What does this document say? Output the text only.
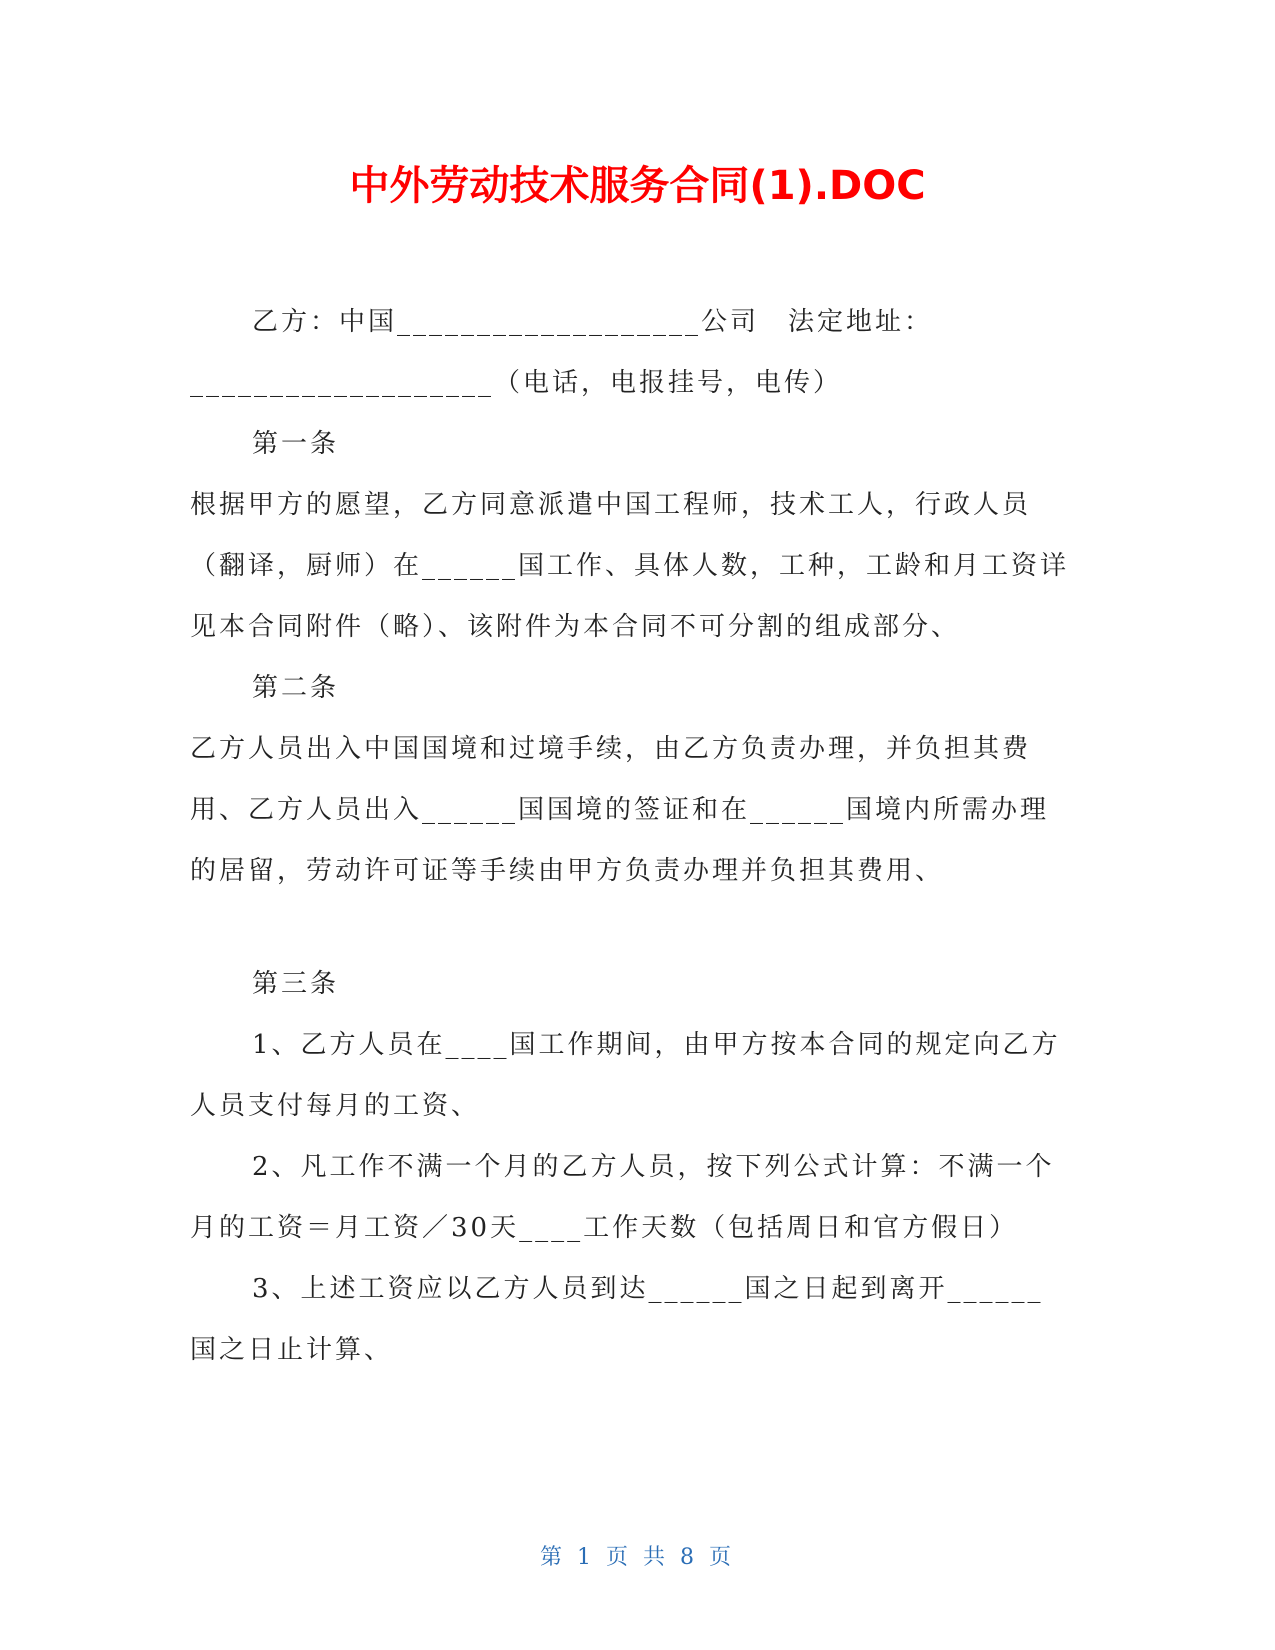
中外劳动技术服务合同(1).DOC

乙方：中国___________________公司　法定地址：___________________（电话，电报挂号，电传）

第一条

根据甲方的愿望，乙方同意派遣中国工程师，技术工人，行政人员（翻译，厨师）在______国工作、具体人数，工种，工龄和月工资详见本合同附件（略）、该附件为本合同不可分割的组成部分、

第二条

乙方人员出入中国国境和过境手续，由乙方负责办理，并负担其费用、乙方人员出入______国国境的签证和在______国境内所需办理的居留，劳动许可证等手续由甲方负责办理并负担其费用、

第三条

1、乙方人员在____国工作期间，由甲方按本合同的规定向乙方人员支付每月的工资、

2、凡工作不满一个月的乙方人员，按下列公式计算：不满一个月的工资＝月工资／30天____工作天数（包括周日和官方假日）

3、上述工资应以乙方人员到达______国之日起到离开______国之日止计算、

第 1 页 共 8 页
